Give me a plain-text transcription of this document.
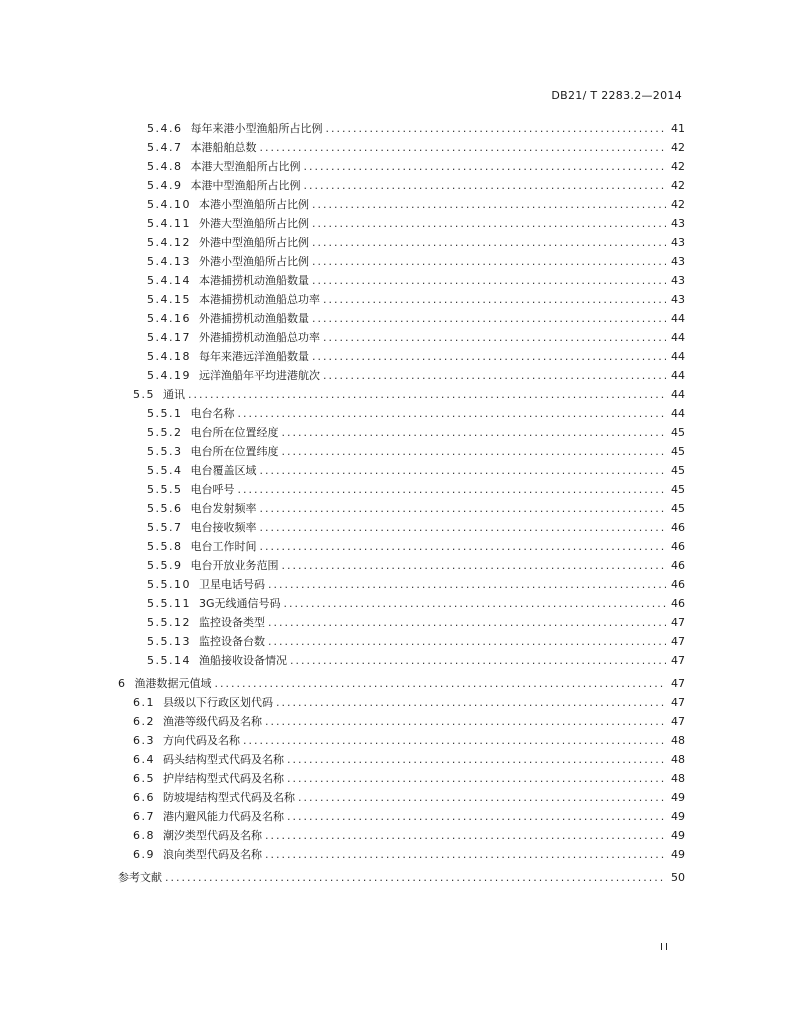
DB21/ T 2283.2—2014
5.4.6 每年来港小型渔船所占比例 .....	41
5.4.7 本港船舶总数 .....	42
5.4.8 本港大型渔船所占比例 .....	42
5.4.9 本港中型渔船所占比例 .....	42
5.4.10 本港小型渔船所占比例 .....	42
5.4.11 外港大型渔船所占比例 .....	43
5.4.12 外港中型渔船所占比例 .....	43
5.4.13 外港小型渔船所占比例 .....	43
5.4.14 本港捕捞机动渔船数量 .....	43
5.4.15 本港捕捞机动渔船总功率 .....	43
5.4.16 外港捕捞机动渔船数量 .....	44
5.4.17 外港捕捞机动渔船总功率 .....	44
5.4.18 每年来港远洋渔船数量 .....	44
5.4.19 远洋渔船年平均进港航次 .....	44
5.5 通讯 .....	44
5.5.1 电台名称 .....	44
5.5.2 电台所在位置经度 .....	45
5.5.3 电台所在位置纬度 .....	45
5.5.4 电台覆盖区域 .....	45
5.5.5 电台呼号 .....	45
5.5.6 电台发射频率 .....	45
5.5.7 电台接收频率 .....	46
5.5.8 电台工作时间 .....	46
5.5.9 电台开放业务范围 .....	46
5.5.10 卫星电话号码 .....	46
5.5.11 3G无线通信号码 .....	46
5.5.12 监控设备类型 .....	47
5.5.13 监控设备台数 .....	47
5.5.14 渔船接收设备情况 .....	47
6 渔港数据元值域 .....	47
6.1 县级以下行政区划代码 .....	47
6.2 渔港等级代码及名称 .....	47
6.3 方向代码及名称 .....	48
6.4 码头结构型式代码及名称 .....	48
6.5 护岸结构型式代码及名称 .....	48
6.6 防坡堤结构型式代码及名称 .....	49
6.7 港内避风能力代码及名称 .....	49
6.8 潮汐类型代码及名称 .....	49
6.9 浪向类型代码及名称 .....	49
参考文献 .....	50
II
